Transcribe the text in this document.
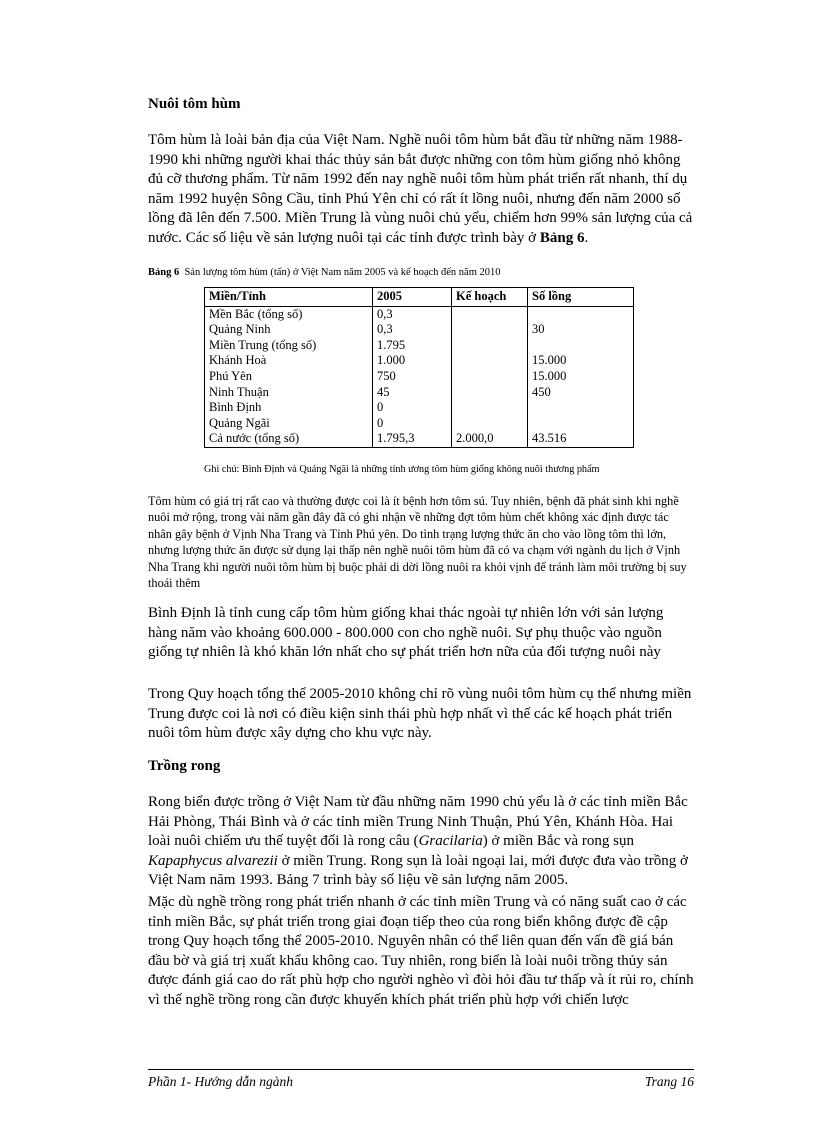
Nuôi tôm hùm

Tôm hùm là loài bản địa của Việt Nam. Nghề nuôi tôm hùm bắt đầu từ những năm 1988-1990 khi những người khai thác thủy sản bắt được những con tôm hùm giống nhỏ không đủ cỡ thương phẩm. Từ năm 1992 đến nay nghề nuôi tôm hùm phát triển rất nhanh, thí dụ năm 1992 huyện Sông Cầu, tỉnh Phú Yên chỉ có rất ít lồng nuôi, nhưng đến năm 2000 số lồng đã lên đến 7.500. Miền Trung là vùng nuôi chủ yếu, chiếm hơn 99% sản lượng của cả nước. Các số liệu về sản lượng nuôi tại các tỉnh được trình bày ở Bảng 6.

Bảng 6 Sản lượng tôm hùm (tấn) ở Việt Nam năm 2005 và kế hoạch đến năm 2010
Miền/Tỉnh	2005	Kế hoạch	Số lồng
Mền Bắc (tổng số)	0,3		
Quảng Ninh	0,3		30
Miền Trung (tổng số)	1.795		
Khánh Hoà	1.000		15.000
Phú Yên	750		15.000
Ninh Thuận	45		450
Bình Định	0		
Quảng Ngãi	0		
Cả nước (tổng số)	1.795,3	2.000,0	43.516
Ghi chú: Bình Định và Quảng Ngãi là những tỉnh ương tôm hùm giống không nuôi thương phẩm

Tôm hùm có giá trị rất cao và thường được coi là ít bệnh hơn tôm sú. Tuy nhiên, bệnh đã phát sinh khi nghề nuôi mở rộng, trong vài năm gần đây đã có ghi nhận về những đợt tôm hùm chết không xác định được tác nhân gây bệnh ở Vịnh Nha Trang và Tỉnh Phú yên. Do tình trạng lượng thức ăn cho vào lồng tôm thì lớn, nhưng lượng thức ăn được sử dụng lại thấp nên nghề nuôi tôm hùm đã có va chạm với ngành du lịch ở Vịnh Nha Trang khi người nuôi tôm hùm bị buộc phải di dời lồng nuôi ra khỏi vịnh để tránh làm môi trường bị suy thoái thêm

Bình Định là tỉnh cung cấp tôm hùm giống khai thác ngoài tự nhiên lớn với sản lượng hàng năm vào khoảng 600.000 - 800.000 con cho nghề nuôi. Sự phụ thuộc vào nguồn giống tự nhiên là khó khăn lớn nhất cho sự phát triển hơn nữa của đối tượng nuôi này

Trong Quy hoạch tổng thể 2005-2010 không chỉ rõ vùng nuôi tôm hùm cụ thể nhưng miền Trung được coi là nơi có điều kiện sinh thái phù hợp nhất vì thế các kế hoạch phát triển nuôi tôm hùm được xây dựng cho khu vực này.

Trồng rong

Rong biển được trồng ở Việt Nam từ đầu những năm 1990 chủ yếu là ở các tỉnh miền Bắc Hải Phòng, Thái Bình và ở các tỉnh miền Trung Ninh Thuận, Phú Yên, Khánh Hòa. Hai loài nuôi chiếm ưu thế tuyệt đối là rong câu (Gracilaria) ở miền Bắc và rong sụn Kapaphycus alvarezii ở miền Trung. Rong sụn là loài ngoại lai, mới được đưa vào trồng ở Việt Nam năm 1993. Bảng 7 trình bày số liệu về sản lượng năm 2005.

Mặc dù nghề trồng rong phát triển nhanh ở các tỉnh miền Trung và có năng suất cao ở các tỉnh miền Bắc, sự phát triển trong giai đoạn tiếp theo của rong biển không được đề cập trong Quy hoạch tổng thể 2005-2010. Nguyên nhân có thể liên quan đến vấn đề giá bán đầu bờ và giá trị xuất khẩu không cao. Tuy nhiên, rong biển là loài nuôi trồng thủy sản được đánh giá cao do rất phù hợp cho người nghèo vì đòi hỏi đầu tư thấp và ít rủi ro, chính vì thế nghề trồng rong cần được khuyến khích phát triển phù hợp với chiến lược

Phần 1- Hướng dẫn ngành	Trang 16
